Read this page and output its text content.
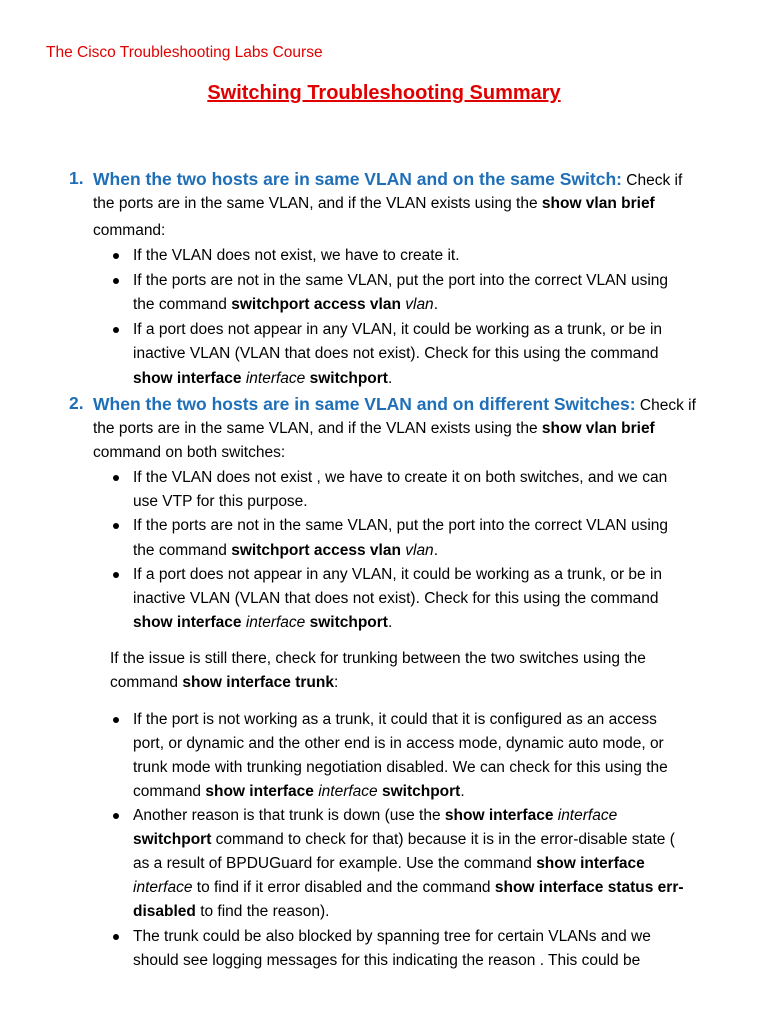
The Cisco Troubleshooting Labs Course
Switching Troubleshooting Summary
1. When the two hosts are in same VLAN and on the same Switch: Check if
the ports are in the same VLAN, and if the VLAN exists using the show vlan brief
command:
If the VLAN does not exist, we have to create it.
If the ports are not in the same VLAN, put the port into the correct VLAN using
the command switchport access vlan vlan.
If a port does not appear in any VLAN, it could be working as a trunk, or be in
inactive VLAN (VLAN that does not exist). Check for this using the command
show interface interface switchport.
2. When the two hosts are in same VLAN and on different Switches: Check if
the ports are in the same VLAN, and if the VLAN exists using the show vlan brief
command on both switches:
If the VLAN does not exist , we have to create it on both switches, and we can
use VTP for this purpose.
If the ports are not in the same VLAN, put the port into the correct VLAN using
the command switchport access vlan vlan.
If a port does not appear in any VLAN, it could be working as a trunk, or be in
inactive VLAN (VLAN that does not exist). Check for this using the command
show interface interface switchport.
If the issue is still there, check for trunking between the two switches using the
command show interface trunk:
If the port is not working as a trunk, it could that it is configured as an access
port, or dynamic and the other end is in access mode, dynamic auto mode, or
trunk mode with trunking negotiation disabled. We can check for this using the
command show interface interface switchport.
Another reason is that trunk is down (use the show interface interface
switchport command to check for that) because it is in the error-disable state (
as a result of BPDUGuard for example. Use the command show interface
interface to find if it error disabled and the command show interface status err-
disabled to find the reason).
The trunk could be also blocked by spanning tree for certain VLANs and we
should see logging messages for this indicating the reason . This could be
